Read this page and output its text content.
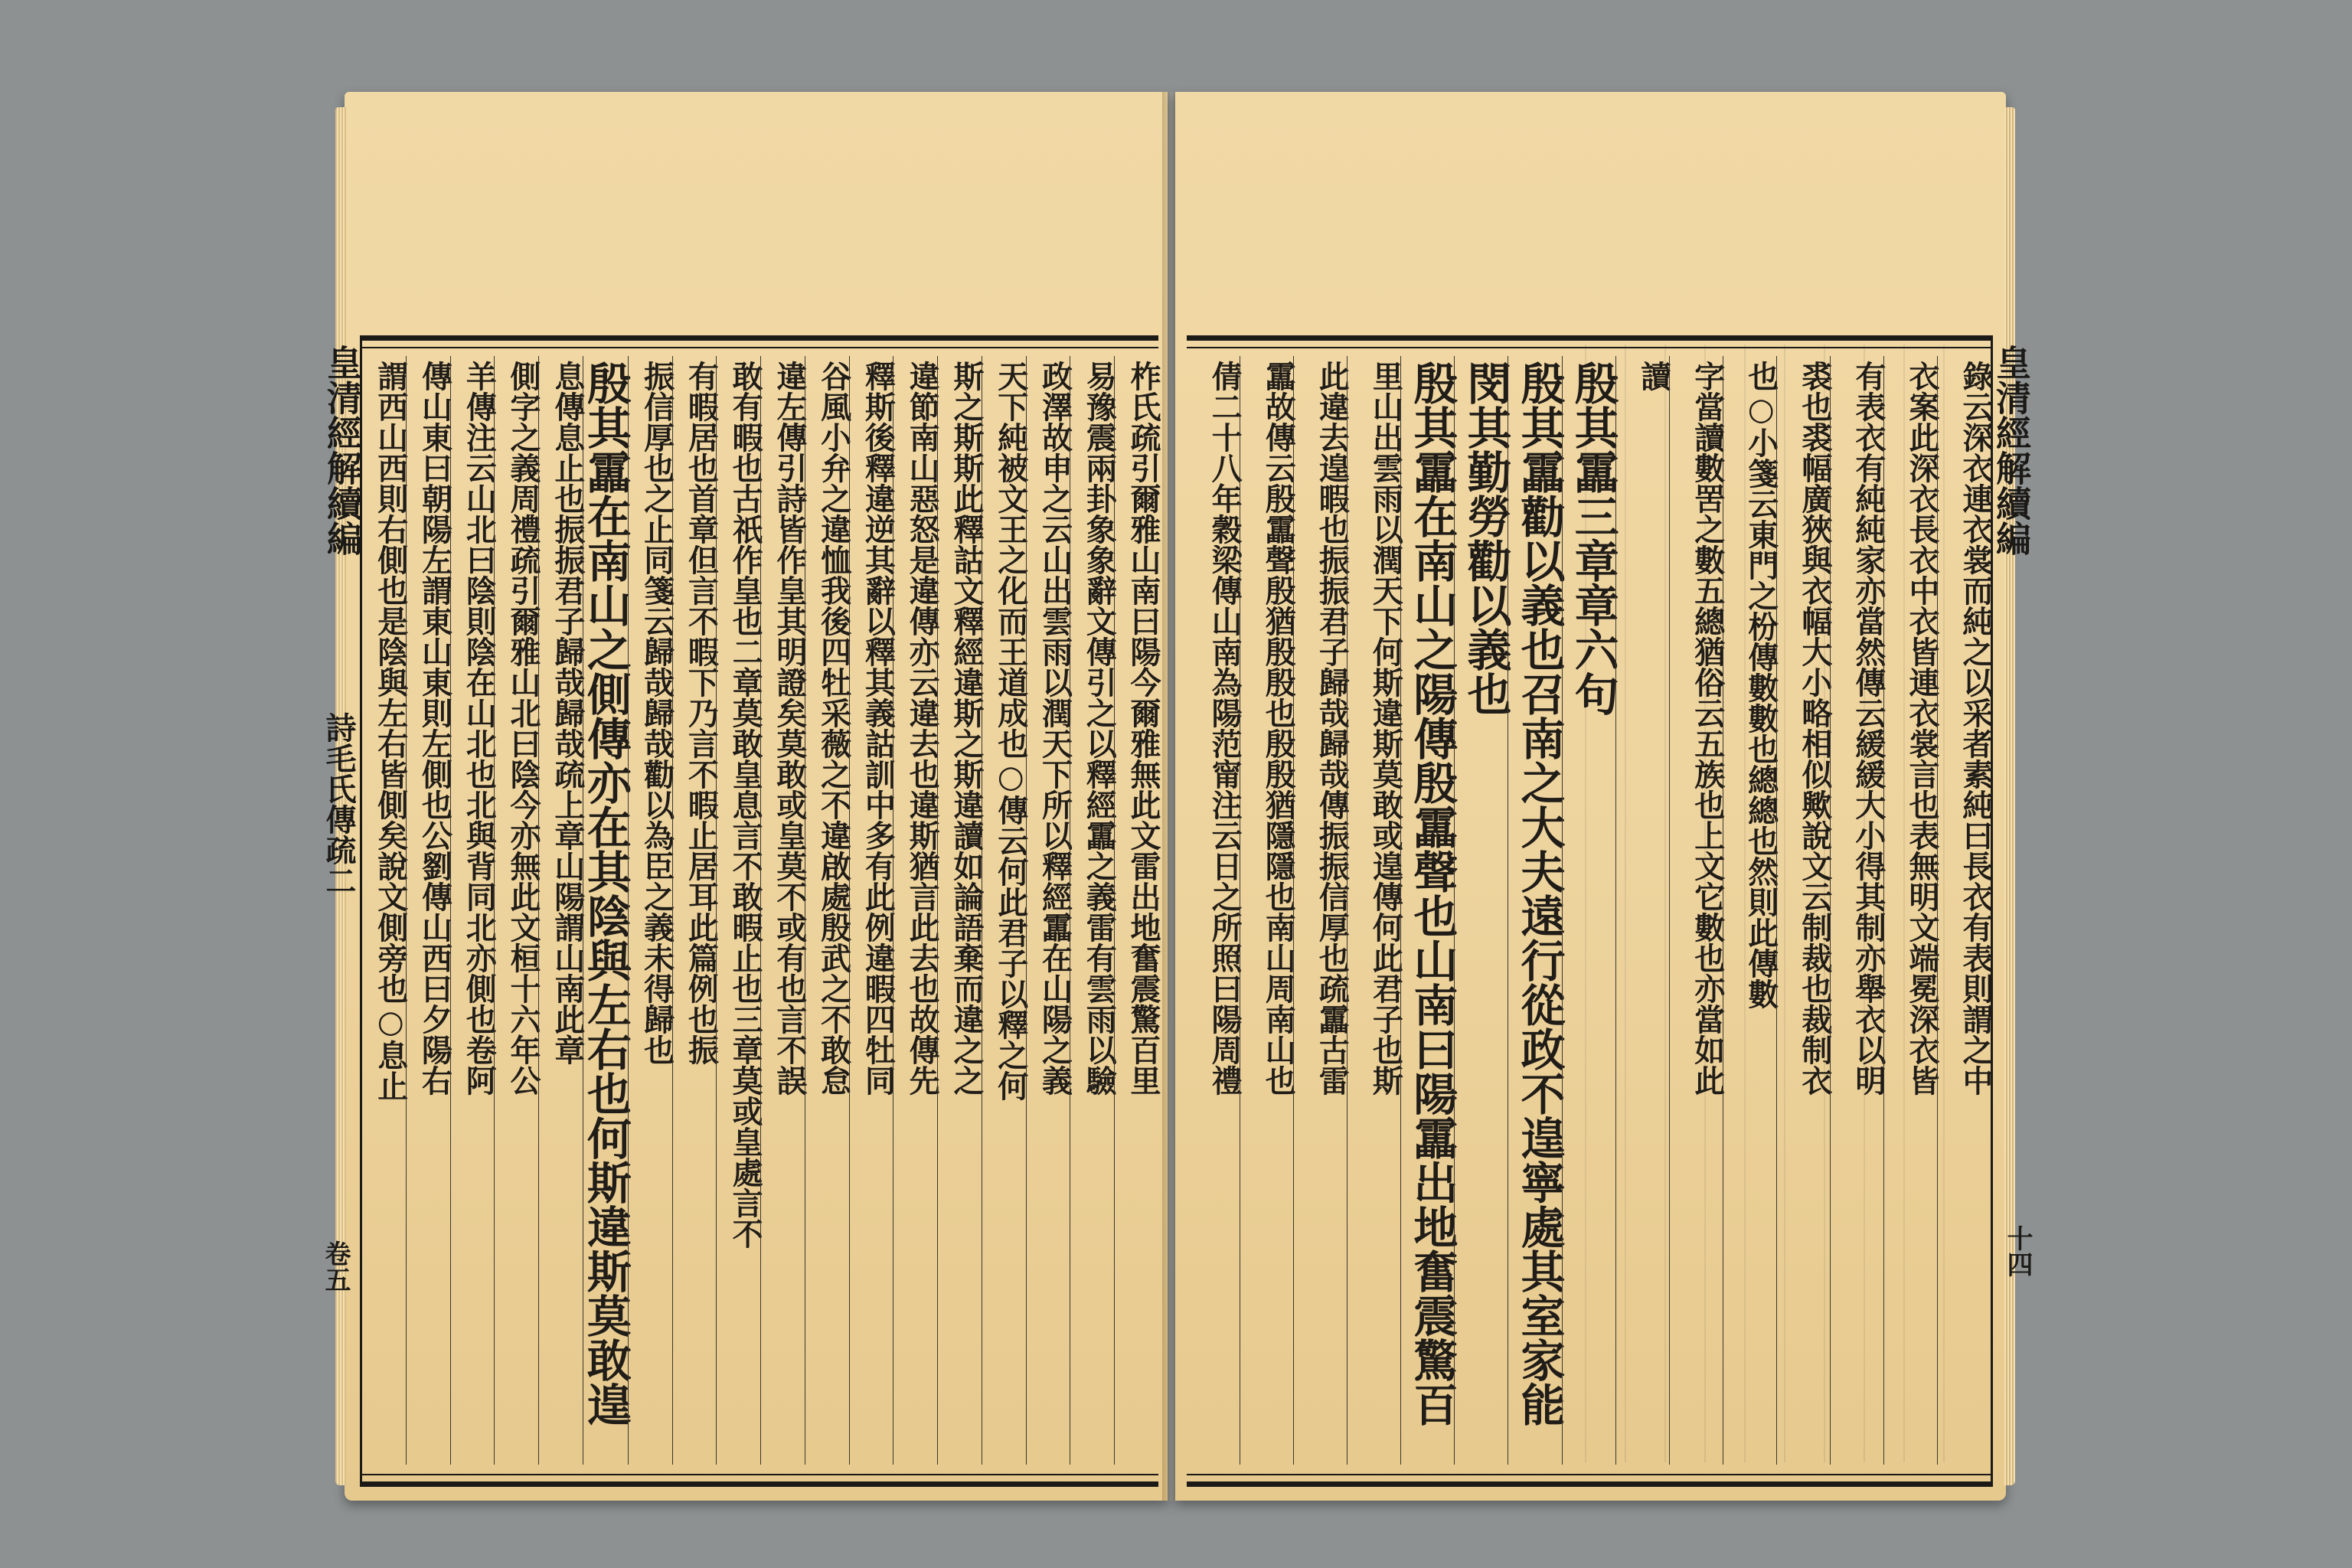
皇清經解續編
詩毛氏傳疏二
卷五
柞氏疏引爾雅山南曰陽今爾雅無此文雷出地奮震驚百里
易豫震兩卦象象辭文傳引之以釋經靁之義雷有雲雨以驗
政澤故申之云山出雲雨以潤天下所以釋經靁在山陽之義
天下純被文王之化而王道成也○傳云何此君子以釋之何
斯之斯斯此釋詁文釋經違斯之斯違讀如論語棄而違之之
違節南山惡怒是違傳亦云違去也違斯猶言此去也故傳先
釋斯後釋違逆其辭以釋其義詁訓中多有此例違暇四牡同
谷風小弁之違恤我後四牡采薇之不違啟處殷武之不敢怠
違左傳引詩皆作皇其明證矣莫敢或皇莫不或有也言不誤
敢有暇也古祇作皇也二章莫敢皇息言不敢暇止也三章莫或皇處言不
有暇居也首章但言不暇下乃言不暇止居耳此篇例也振
振信厚也之止同箋云歸哉歸哉勸以為臣之義未得歸也
殷其靁在南山之側傳亦在其陰與左右也何斯違斯莫敢遑
息傳息止也振振君子歸哉歸哉疏上章山陽謂山南此章
側字之義周禮疏引爾雅山北曰陰今亦無此文桓十六年公
羊傳注云山北曰陰則陰在山北也北與背同北亦側也卷阿
傳山東曰朝陽左謂東山東則左側也公劉傳山西曰夕陽右
謂西山西則右側也是陰與左右皆側矣說文側旁也○息止	皇清經解續編
十四
錄云深衣連衣裳而純之以采者素純曰長衣有表則謂之中
衣案此深衣長衣中衣皆連衣裳言也表無明文端冕深衣皆
有表衣有純純家亦當然傳云緩緩大小得其制亦舉衣以明
裘也裘幅廣狹與衣幅大小略相似歟說文云制裁也裁制衣
也○小箋云東門之枌傳數數也總總也然則此傳數
字當讀數罟之數五總猶俗云五族也上文它數也亦當如此
讀
殷其靁三章章六句
殷其靁勸以義也召南之大夫遠行從政不遑寧處其室家能
閔其勤勞勸以義也
殷其靁在南山之陽傳殷靁聲也山南曰陽靁出地奮震驚百
里山出雲雨以潤天下何斯違斯莫敢或遑傳何此君子也斯
此違去遑暇也振振君子歸哉歸哉傳振振信厚也疏靁古雷
靁故傳云殷靁聲殷猶殷殷也殷殷猶隱隱也南山周南山也
倩二十八年穀梁傳山南為陽范甯注云日之所照曰陽周禮
